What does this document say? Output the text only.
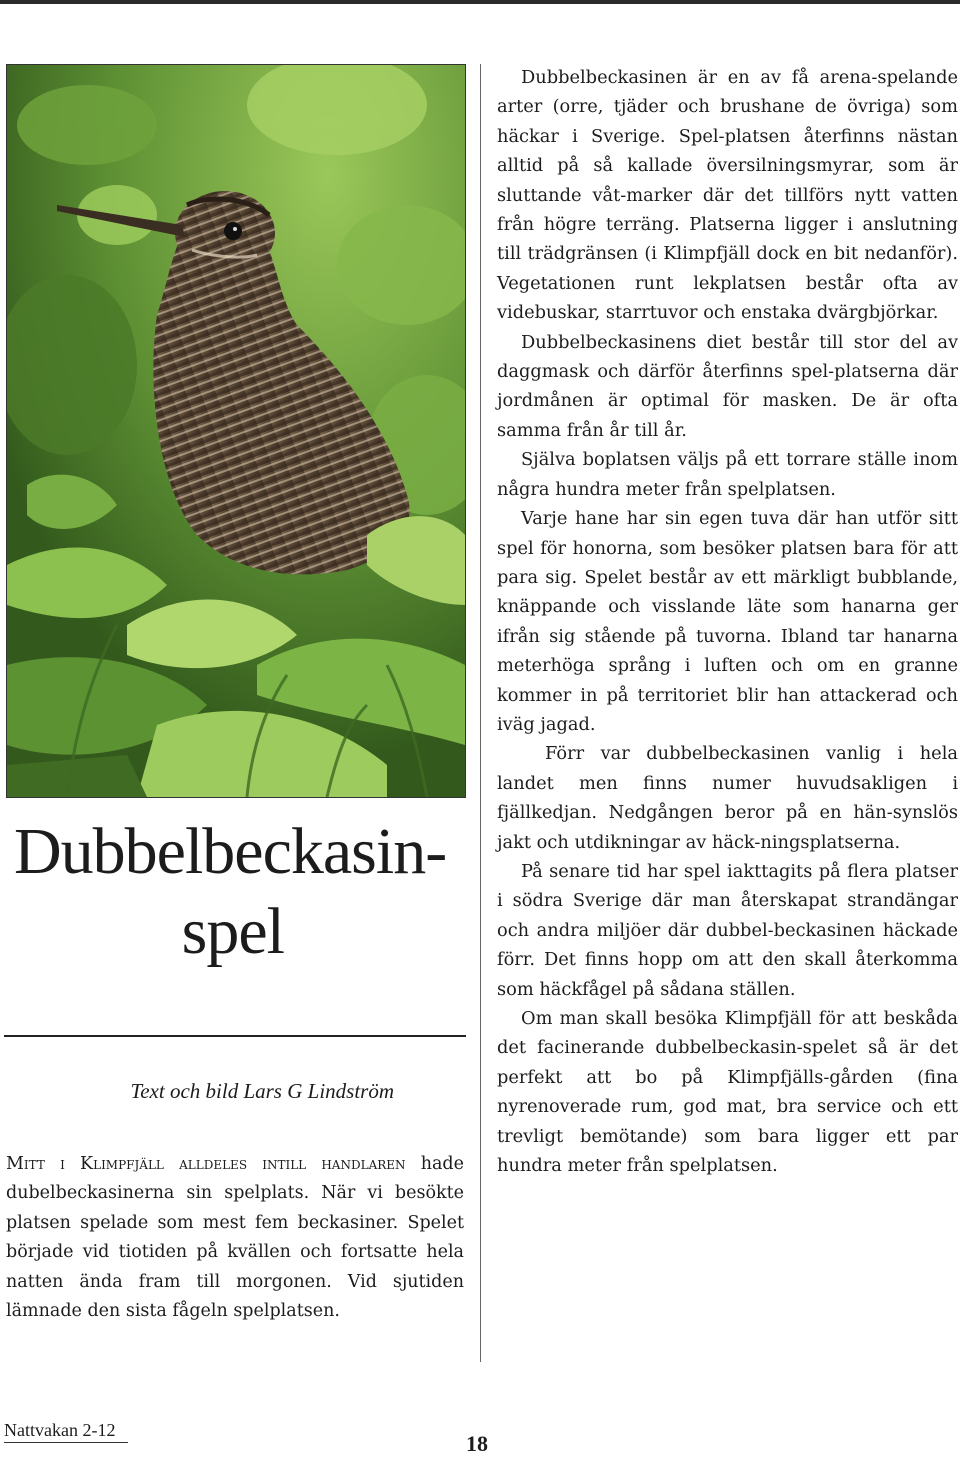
Dubbelbeckasin-
spel
Text och bild Lars G Lindström
Mitt i Klimpfjäll alldeles intill handlaren hade dubelbeckasinerna sin spelplats. När vi besökte platsen spelade som mest fem beckasiner. Spelet började vid tiotiden på kvällen och fortsatte hela natten ända fram till morgonen. Vid sjutiden lämnade den sista fågeln spelplatsen.

Dubbelbeckasinen är en av få arena-spelande arter (orre, tjäder och brushane de övriga) som häckar i Sverige. Spel-platsen återfinns nästan alltid på så kallade översilningsmyrar, som är sluttande våt-marker där det tillförs nytt vatten från högre terräng. Platserna ligger i anslutning till trädgränsen (i Klimpfjäll dock en bit nedanför). Vegetationen runt lekplatsen består ofta av videbuskar, starrtuvor och enstaka dvärgbjörkar.

Dubbelbeckasinens diet består till stor del av daggmask och därför återfinns spel-platserna där jordmånen är optimal för masken. De är ofta samma från år till år.

Själva boplatsen väljs på ett torrare ställe inom några hundra meter från spelplatsen.

Varje hane har sin egen tuva där han utför sitt spel för honorna, som besöker platsen bara för att para sig. Spelet består av ett märkligt bubblande, knäppande och visslande läte som hanarna ger ifrån sig stående på tuvorna. Ibland tar hanarna meterhöga språng i luften och om en granne kommer in på territoriet blir han attackerad och iväg jagad.

Förr var dubbelbeckasinen vanlig i hela landet men finns numer huvudsakligen i fjällkedjan. Nedgången beror på en hän-synslös jakt och utdikningar av häck-ningsplatserna.

På senare tid har spel iakttagits på flera platser i södra Sverige där man återskapat strandängar och andra miljöer där dubbel-beckasinen häckade förr. Det finns hopp om att den skall återkomma som häckfågel på sådana ställen.

Om man skall besöka Klimpfjäll för att beskåda det facinerande dubbelbeckasin-spelet så är det perfekt att bo på Klimpfjälls-gården (fina nyrenoverade rum, god mat, bra service och ett trevligt bemötande) som bara ligger ett par hundra meter från spelplatsen.

Nattvakan 2-12
18
